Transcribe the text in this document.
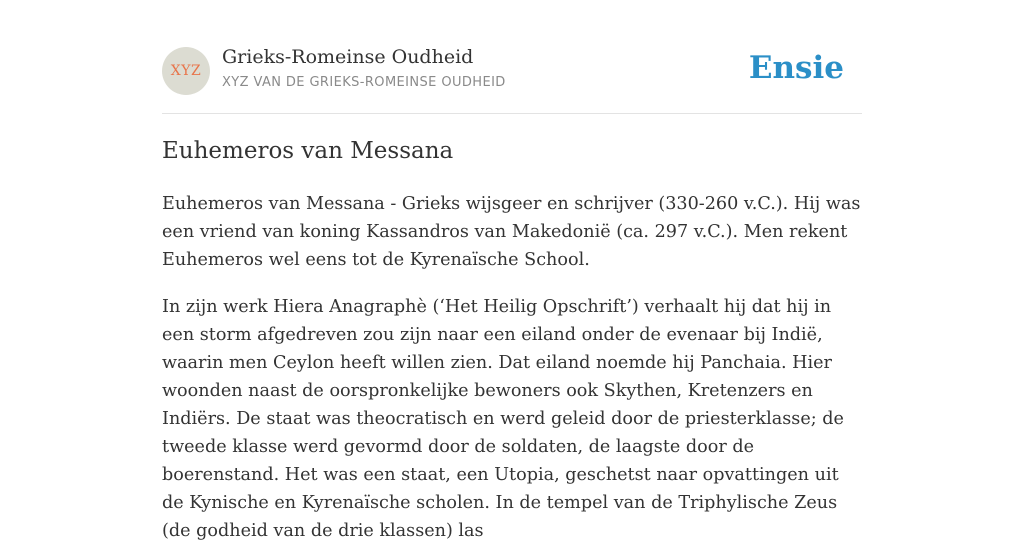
XYZ
Grieks-Romeinse Oudheid
XYZ VAN DE GRIEKS-ROMEINSE OUDHEID	Ensie
Euhemeros van Messana

Euhemeros van Messana - Grieks wijsgeer en schrijver (330-260 v.C.). Hij was een vriend van koning Kassandros van Makedonië (ca. 297 v.C.). Men rekent Euhemeros wel eens tot de Kyrenaïsche School.

In zijn werk Hiera Anagraphè (‘Het Heilig Opschrift’) verhaalt hij dat hij in een storm afgedreven zou zijn naar een eiland onder de evenaar bij Indië, waarin men Ceylon heeft willen zien. Dat eiland noemde hij Panchaia. Hier woonden naast de oorspronkelijke bewoners ook Skythen, Kretenzers en Indiërs. De staat was theocratisch en werd geleid door de priesterklasse; de tweede klasse werd gevormd door de soldaten, de laagste door de boerenstand. Het was een staat, een Utopia, geschetst naar opvattingen uit de Kynische en Kyrenaïsche scholen. In de tempel van de Triphylische Zeus (de godheid van de drie klassen) las
